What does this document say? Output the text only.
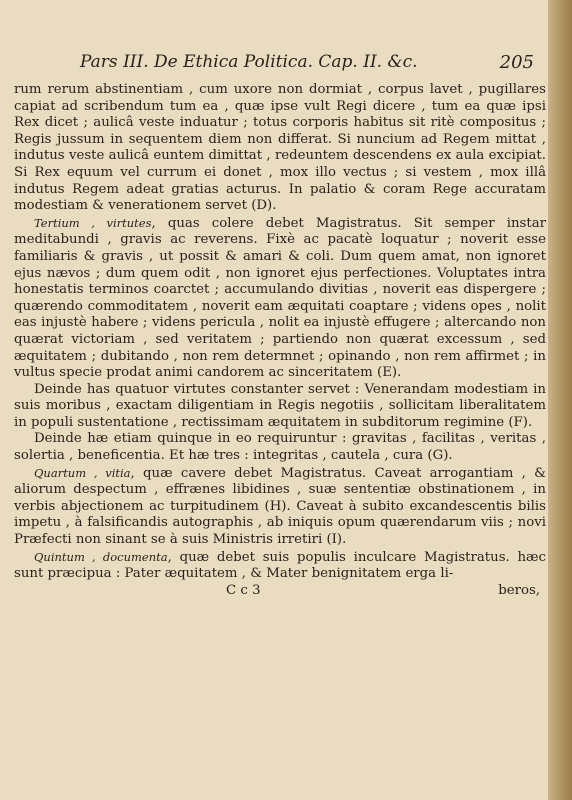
Pars III. De Ethica Politica. Cap. II. &c.	205

rum rerum abstinentiam , cum uxore non dormiat , corpus lavet , pugillares capiat ad scribendum tum ea , quæ ipse vult Regi dicere , tum ea quæ ipsi Rex dicet ; aulicâ veste induatur ; totus corporis habitus sit ritè compositus ; Regis jussum in sequentem diem non differat. Si nuncium ad Regem mittat , indutus veste aulicâ euntem dimittat , redeuntem descendens ex aula excipiat. Si Rex equum vel currum ei donet , mox illo vectus ; si vestem , mox illâ indutus Regem adeat gratias acturus. In palatio & coram Rege accuratam modestiam & venerationem servet (D).

Tertium , virtutes, quas colere debet Magistratus. Sit semper instar meditabundi , gravis ac reverens. Fixè ac pacatè loquatur ; noverit esse familiaris & gravis , ut possit & amari & coli. Dum quem amat, non ignoret ejus nævos ; dum quem odit , non ignoret ejus perfectiones. Voluptates intra honestatis terminos coarctet ; accumulando divitias , noverit eas dispergere ; quærendo commoditatem , noverit eam æquitati coaptare ; videns opes , nolit eas injustè habere ; videns pericula , nolit ea injustè effugere ; altercando non quærat victoriam , sed veritatem ; partiendo non quærat excessum , sed æquitatem ; dubitando , non rem determnet ; opinando , non rem affirmet ; in vultus specie prodat animi candorem ac sinceritatem (E).

Deinde has quatuor virtutes constanter servet : Venerandam modestiam in suis moribus , exactam diligentiam in Regis negotiis , sollicitam liberalitatem in populi sustentatione , rectissimam æquitatem in subditorum regimine (F).

Deinde hæ etiam quinque in eo requiruntur : gravitas , facilitas , veritas , solertia , beneficentia. Et hæ tres : integritas , cautela , cura (G).

Quartum , vitia, quæ cavere debet Magistratus. Caveat arrogantiam , & aliorum despectum , effrænes libidines , suæ sententiæ obstinationem , in verbis abjectionem ac turpitudinem (H). Caveat à subito excandescentis bilis impetu , à falsificandis autographis , ab iniquis opum quærendarum viis ; novi Præfecti non sinant se à suis Ministris irretiri (I).

Quintum , documenta, quæ debet suis populis inculcare Magistratus. hæc sunt præcipua : Pater æquitatem , & Mater benignitatem erga li-

C c 3	beros,
